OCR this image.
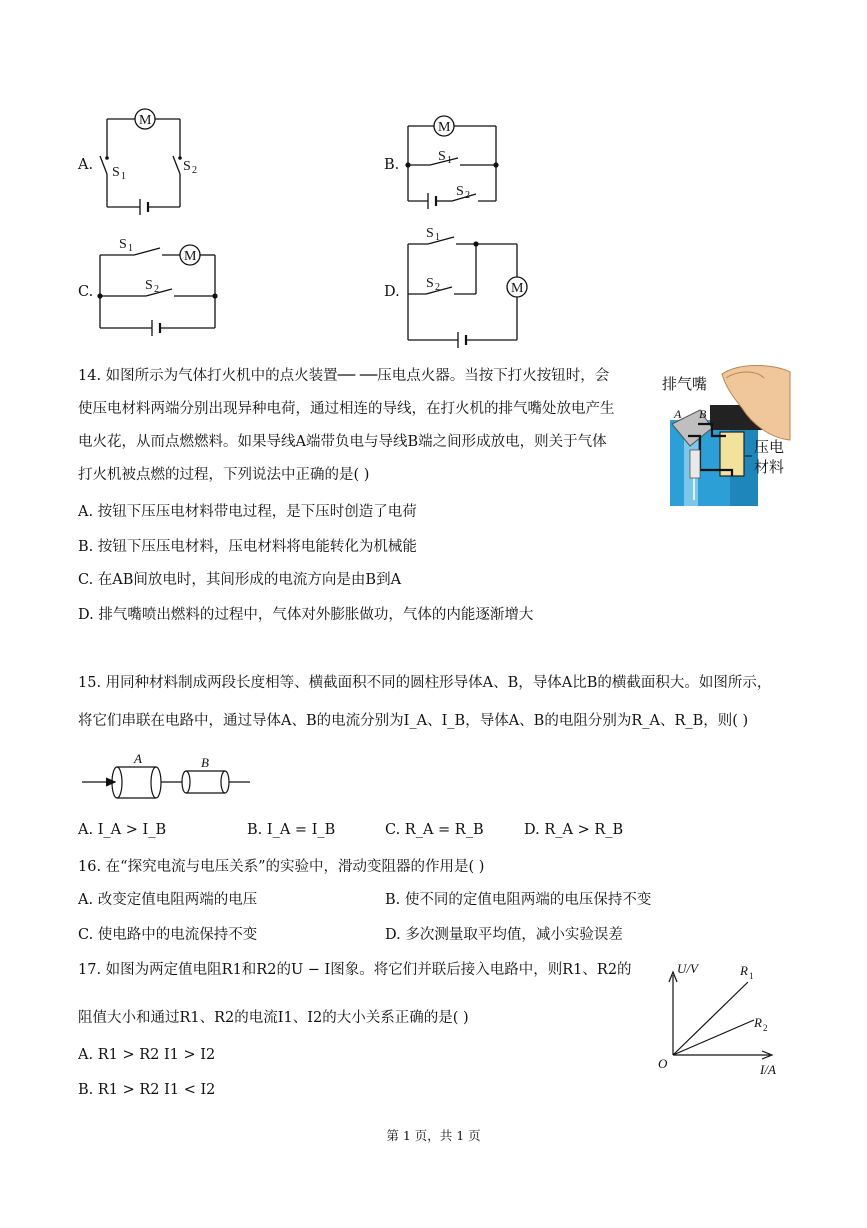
A.
M
S 1
S 2	B.
M
S 1
S 2
C.
M
S 1
S 2	D.	M
S 1
S 2
14. 如图所示为气体打火机中的点火装置── ──压电点火器。当按下打火按钮时，会
使压电材料两端分别出现异种电荷，通过相连的导线，在打火机的排气嘴处放电产生
电火花，从而点燃燃料。如果导线A端带负电与导线B端之间形成放电，则关于气体
打火机被点燃的过程，下列说法中正确的是( )
A. 按钮下压压电材料带电过程，是下压时创造了电荷
B. 按钮下压压电材料，压电材料将电能转化为机械能
C. 在AB间放电时，其间形成的电流方向是由B到A
D. 排气嘴喷出燃料的过程中，气体对外膨胀做功，气体的内能逐渐增大
排气嘴
A B
压电
材料
15. 用同种材料制成两段长度相等、横截面积不同的圆柱形导体A、B，导体A比B的横截面积大。如图所示，
将它们串联在电路中，通过导体A、B的电流分别为I_A、I_B，导体A、B的电阻分别为R_A、R_B，则( )
A	B
A. I_A > I_B	B. I_A = I_B	C. R_A = R_B	D. R_A > R_B
16. 在“探究电流与电压关系”的实验中，滑动变阻器的作用是( )
A. 改变定值电阻两端的电压	B. 使不同的定值电阻两端的电压保持不变
C. 使电路中的电流保持不变	D. 多次测量取平均值，减小实验误差
17. 如图为两定值电阻R1和R2的U − I图象。将它们并联后接入电路中，则R1、R2的
阻值大小和通过R1、R2的电流I1、I2的大小关系正确的是( )
A. R1 > R2 I1 > I2
B. R1 > R2 I1 < I2
U/V
I/A
O
R 1
R 2
第 1 页，共 1 页
